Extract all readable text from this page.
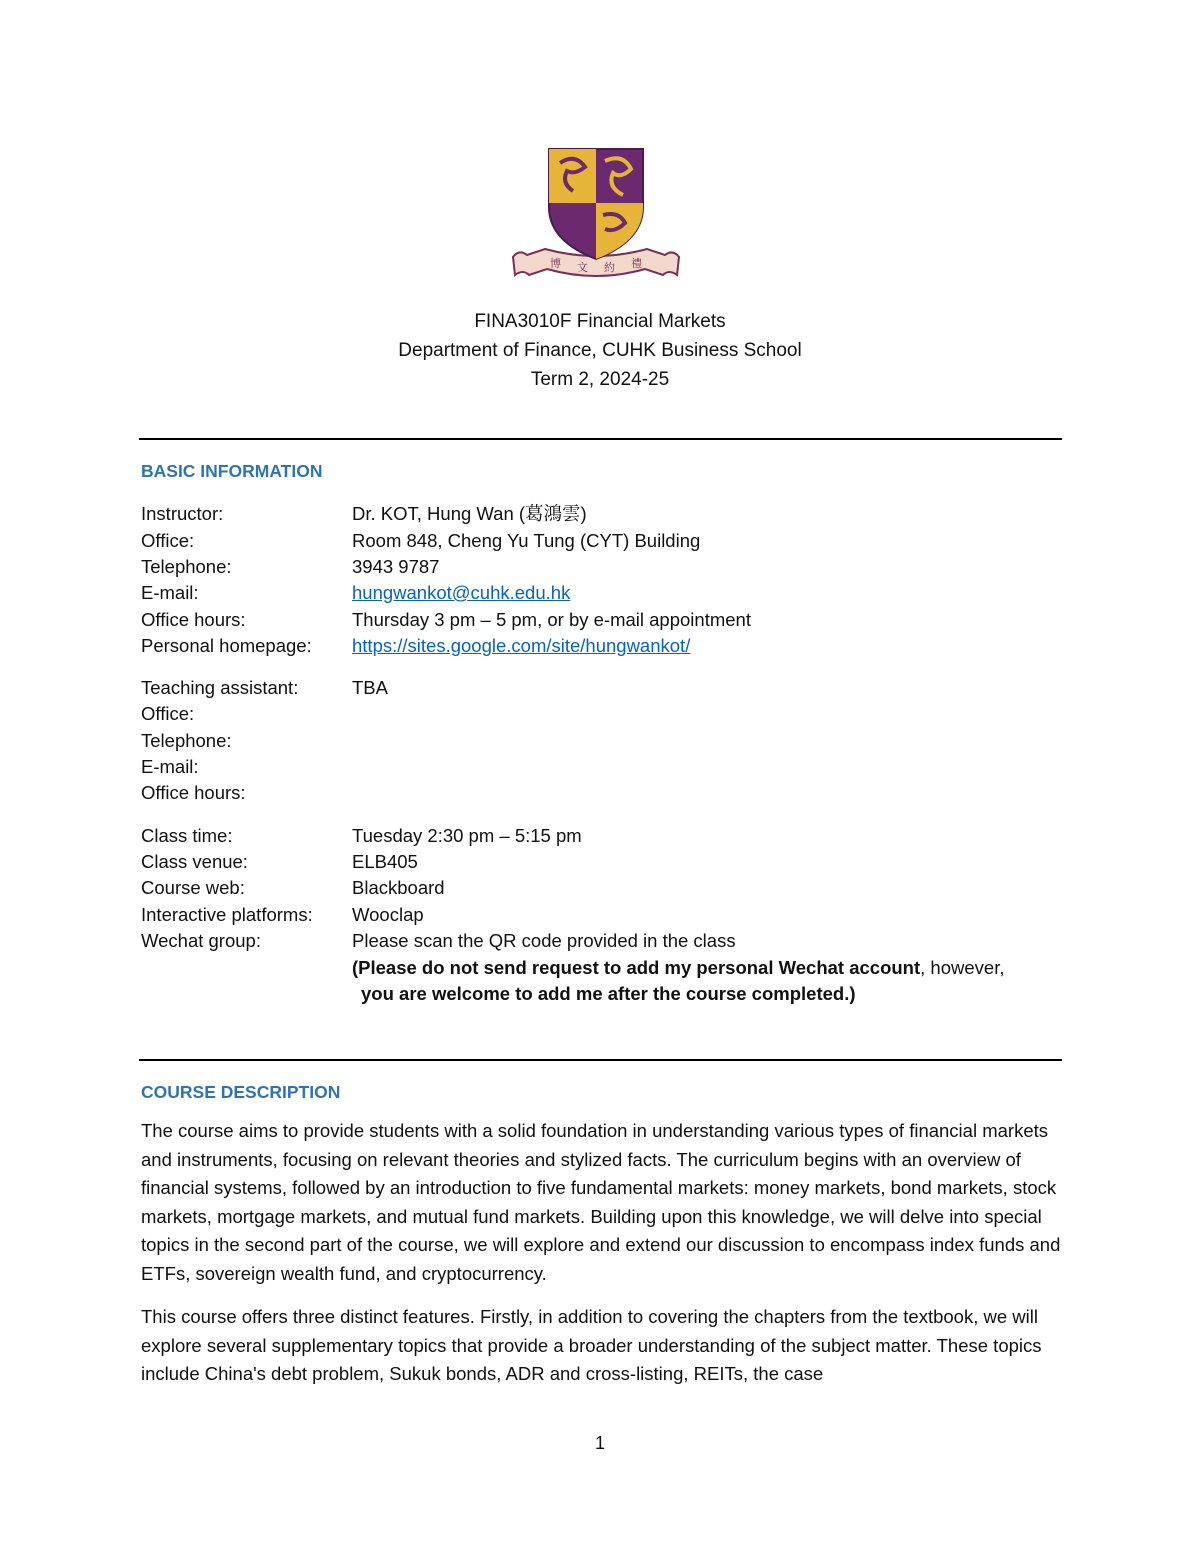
博 文 約 禮
FINA3010F Financial Markets
Department of Finance, CUHK Business School
Term 2, 2024-25
BASIC INFORMATION
Instructor:	Dr. KOT, Hung Wan (葛鴻雲)
Office:	Room 848, Cheng Yu Tung (CYT) Building
Telephone:	3943 9787
E-mail:	hungwankot@cuhk.edu.hk
Office hours:	Thursday 3 pm – 5 pm, or by e-mail appointment
Personal homepage: https://sites.google.com/site/hungwankot/
Teaching assistant:	TBA
Office:
Telephone:
E-mail:
Office hours:
Class time:	Tuesday 2:30 pm – 5:15 pm
Class venue:	ELB405
Course web:	Blackboard
Interactive platforms: Wooclap
Wechat group:	Please scan the QR code provided in the class
(Please do not send request to add my personal Wechat account, however,
you are welcome to add me after the course completed.)
COURSE DESCRIPTION
The course aims to provide students with a solid foundation in understanding various types of financial markets and instruments, focusing on relevant theories and stylized facts. The curriculum begins with an overview of financial systems, followed by an introduction to five fundamental markets: money markets, bond markets, stock markets, mortgage markets, and mutual fund markets. Building upon this knowledge, we will delve into special topics in the second part of the course, we will explore and extend our discussion to encompass index funds and ETFs, sovereign wealth fund, and cryptocurrency.
This course offers three distinct features. Firstly, in addition to covering the chapters from the textbook, we will explore several supplementary topics that provide a broader understanding of the subject matter. These topics include China's debt problem, Sukuk bonds, ADR and cross-listing, REITs, the case
1
